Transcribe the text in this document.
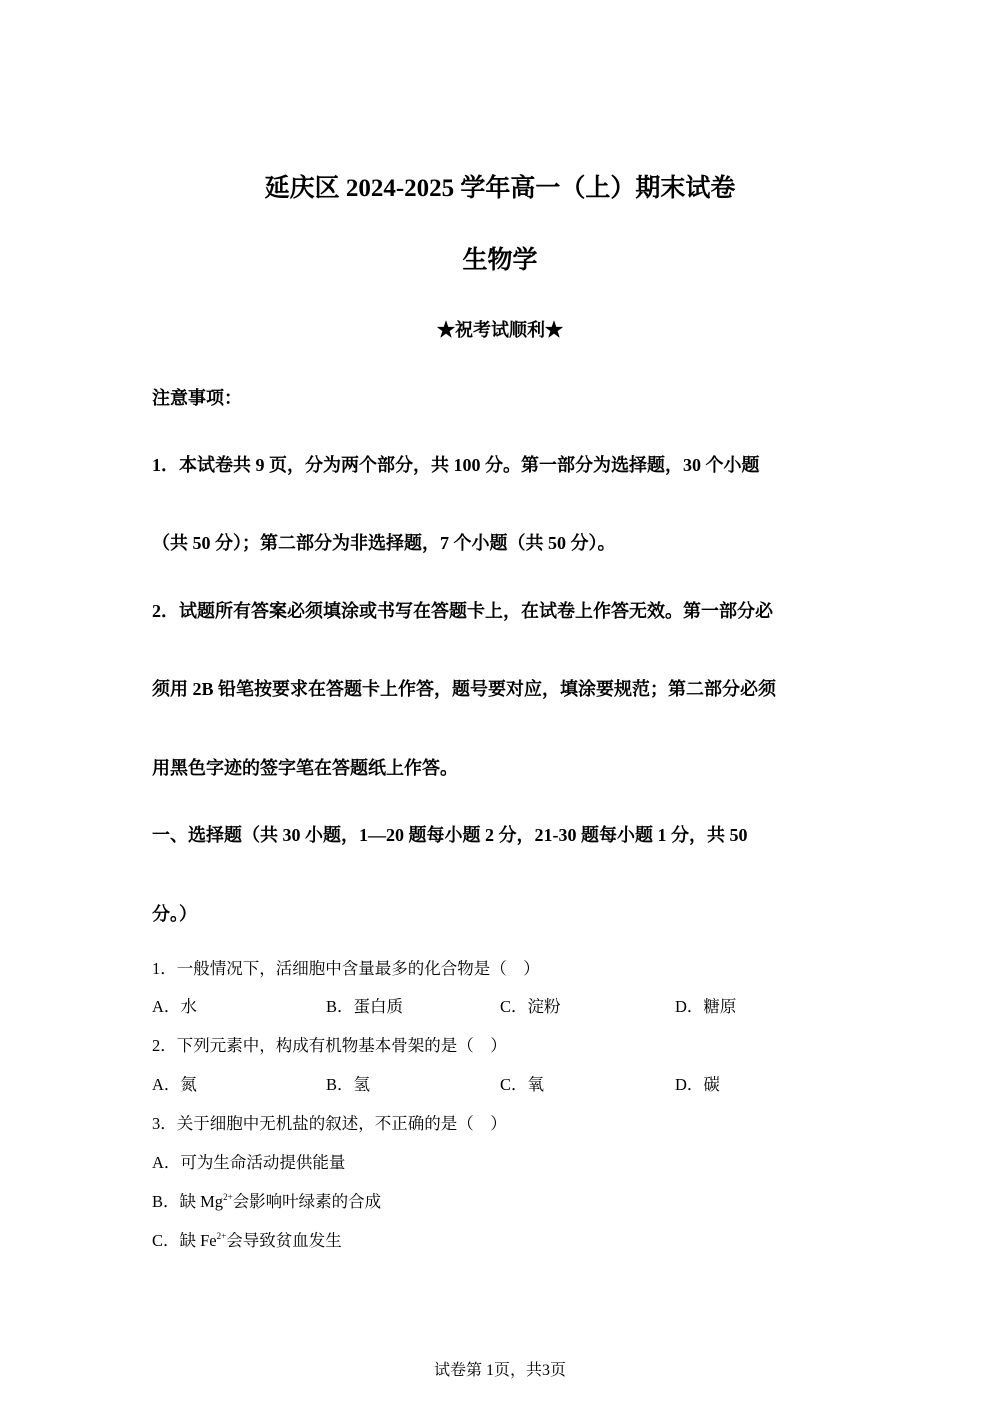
延庆区 2024-2025 学年高一（上）期末试卷
生物学
★祝考试顺利★
注意事项：
1．本试卷共 9 页，分为两个部分，共 100 分。第一部分为选择题，30 个小题
（共 50 分）；第二部分为非选择题，7 个小题（共 50 分）。
2．试题所有答案必须填涂或书写在答题卡上，在试卷上作答无效。第一部分必
须用 2B 铅笔按要求在答题卡上作答，题号要对应，填涂要规范；第二部分必须
用黑色字迹的签字笔在答题纸上作答。
一、选择题（共 30 小题，1—20 题每小题 2 分，21-30 题每小题 1 分，共 50
分。）
1．一般情况下，活细胞中含量最多的化合物是（　）
A．水	B．蛋白质	C．淀粉	D．糖原
2．下列元素中，构成有机物基本骨架的是（　）
A．氮	B．氢	C．氧	D．碳
3．关于细胞中无机盐的叙述，不正确的是（　）
A．可为生命活动提供能量
B．缺 $Mg^{2+}$会影响叶绿素的合成
C．缺 $Fe^{2+}$会导致贫血发生
试卷第 1页，共3页
